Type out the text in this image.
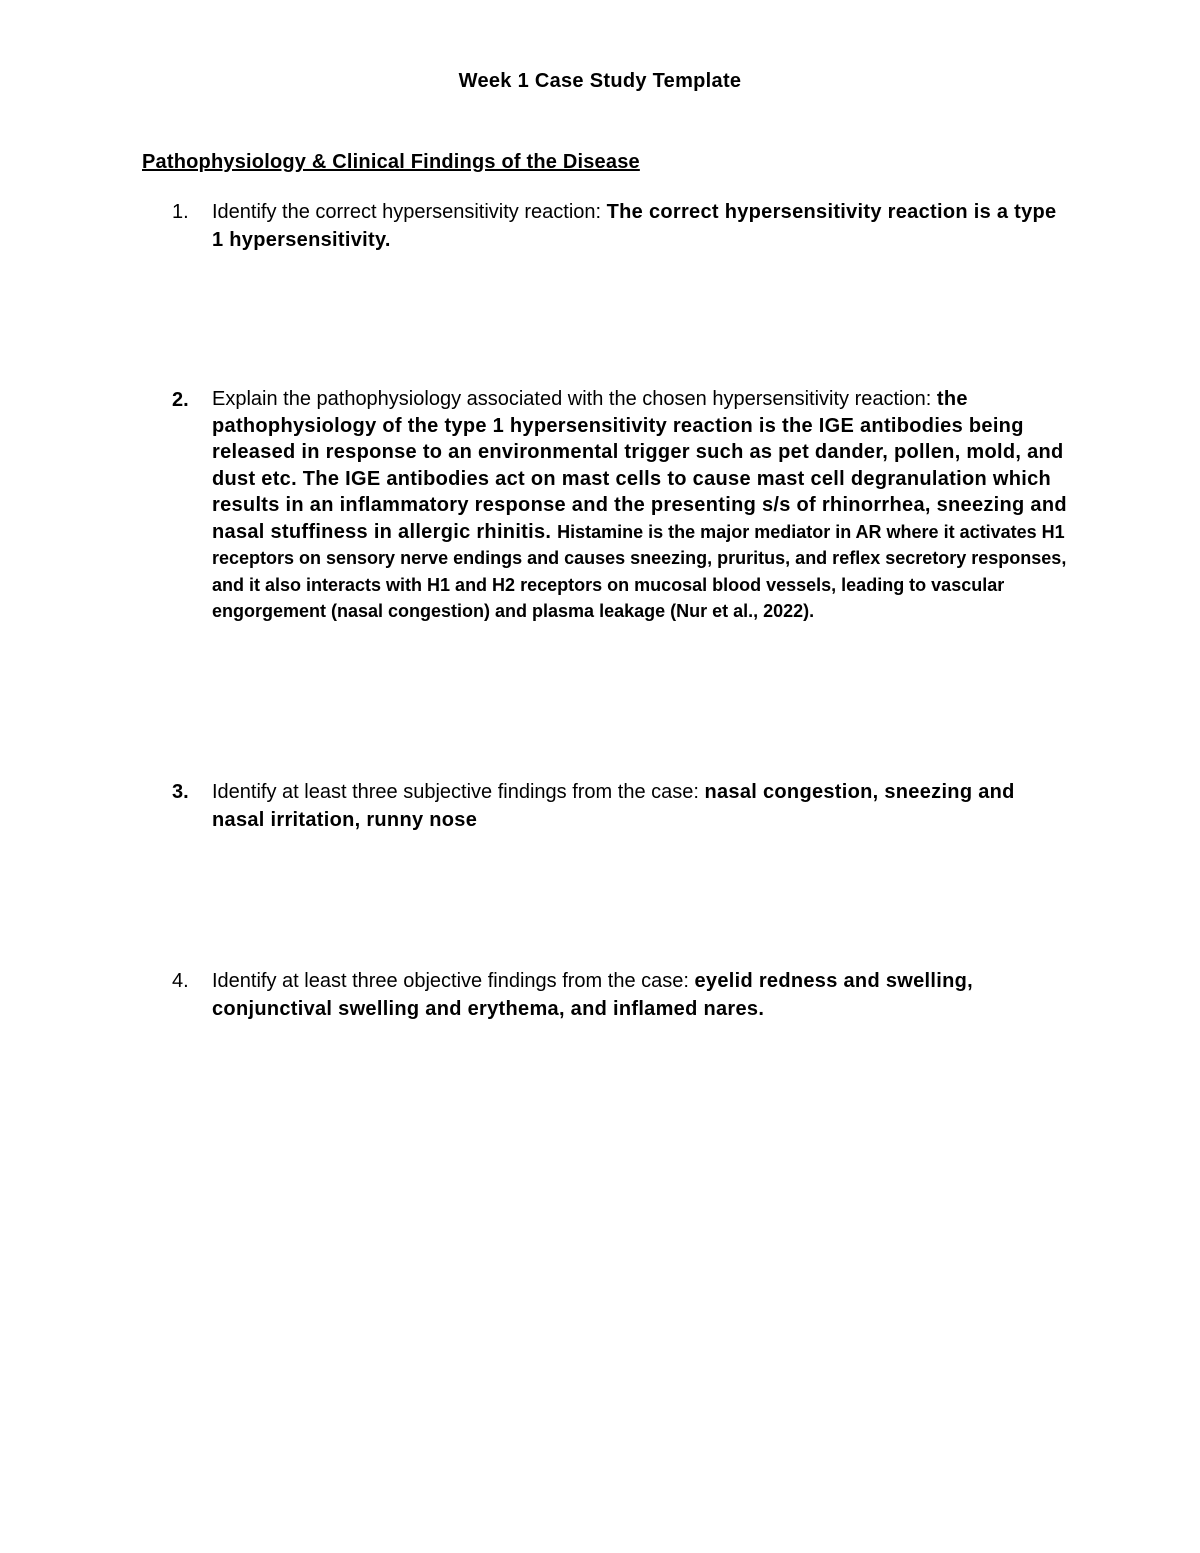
Week 1 Case Study Template
Pathophysiology & Clinical Findings of the Disease
1.	Identify the correct hypersensitivity reaction: The correct hypersensitivity reaction is a type 1 hypersensitivity.
2.	Explain the pathophysiology associated with the chosen hypersensitivity reaction: the pathophysiology of the type 1 hypersensitivity reaction is the IGE antibodies being released in response to an environmental trigger such as pet dander, pollen, mold, and dust etc. The IGE antibodies act on mast cells to cause mast cell degranulation which results in an inflammatory response and the presenting s/s of rhinorrhea, sneezing and nasal stuffiness in allergic rhinitis. Histamine is the major mediator in AR where it activates H1 receptors on sensory nerve endings and causes sneezing, pruritus, and reflex secretory responses, and it also interacts with H1 and H2 receptors on mucosal blood vessels, leading to vascular engorgement (nasal congestion) and plasma leakage (Nur et al., 2022).
3.	Identify at least three subjective findings from the case: nasal congestion, sneezing and nasal irritation, runny nose
4.	Identify at least three objective findings from the case: eyelid redness and swelling, conjunctival swelling and erythema, and inflamed nares.
